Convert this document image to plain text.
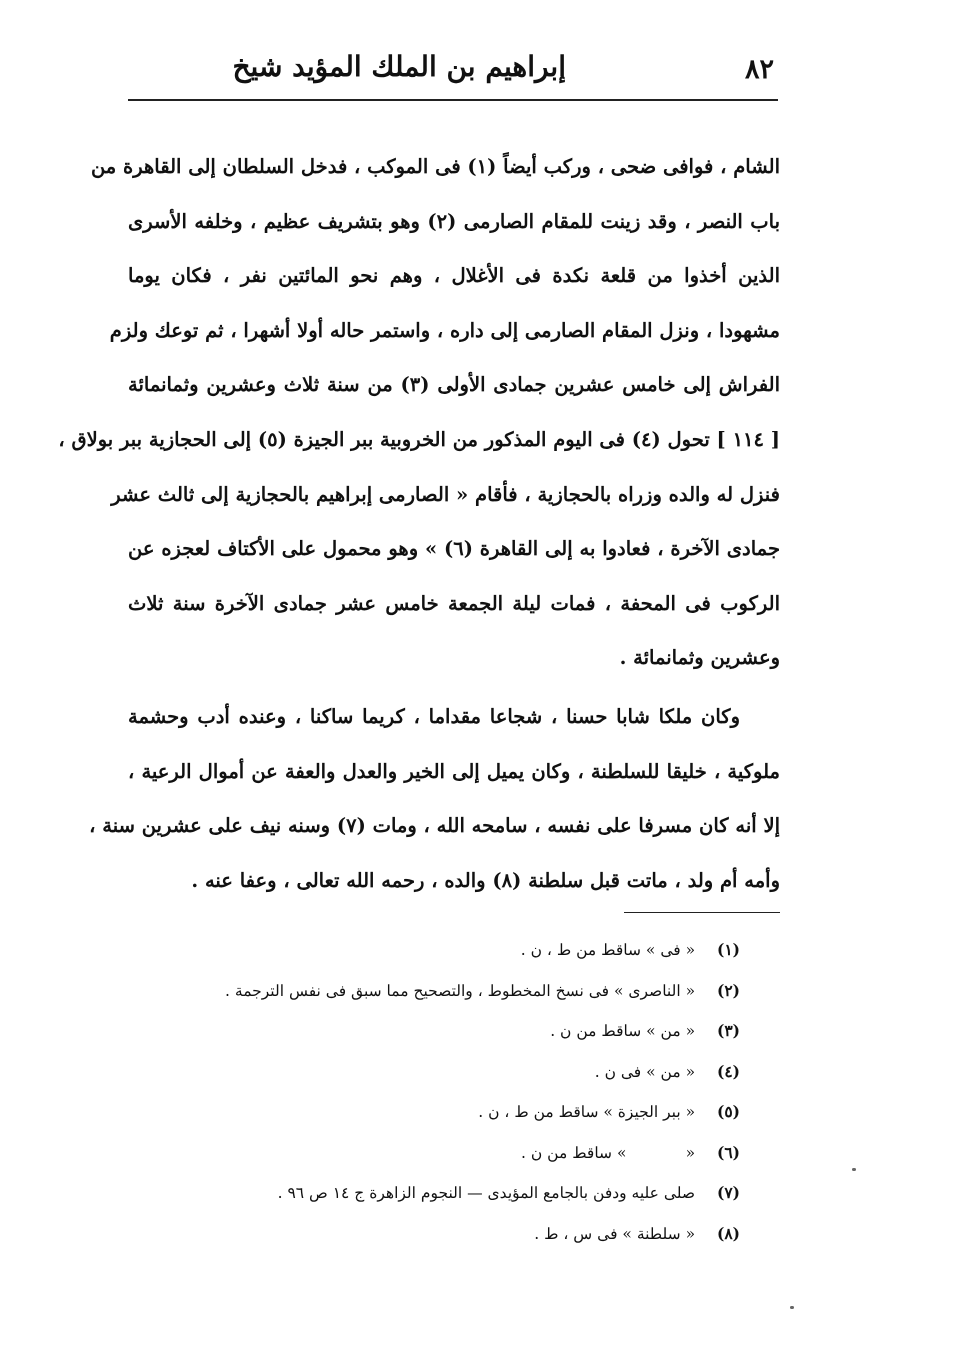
٨٢
إبراهيم بن الملك المؤيد شيخ
الشام ، فوافى ضحى ، وركب أيضاً (١) فى الموكب ، فدخل السلطان إلى القاهرة من
باب النصر ، وقد زينت للمقام الصارمى (٢) وهو بتشريف عظيم ، وخلفه الأسرى
الذين أخذوا من قلعة نكدة فى الأغلال ، وهم نحو المائتين نفر ، فكان يوما
مشهودا ، ونزل المقام الصارمى إلى داره ، واستمر حاله أولا أشهرا ، ثم توعك ولزم
الفراش إلى خامس عشرين جمادى الأولى (٣) من سنة ثلاث وعشرين وثمانمائة
[ ١١٤ ] تحول (٤) فى اليوم المذكور من الخروبية ببر الجيزة (٥) إلى الحجازية ببر بولاق ،
فنزل له والده وزراه بالحجازية ، فأقام « الصارمى إبراهيم بالحجازية إلى ثالث عشر
جمادى الآخرة ، فعادوا به إلى القاهرة (٦) » وهو محمول على الأكتاف لعجزه عن
الركوب فى المحفة ، فمات ليلة الجمعة خامس عشر جمادى الآخرة سنة ثلاث
وعشرين وثمانمائة .
وكان ملكا شابا حسنا ، شجاعا مقداما ، كريما ساكنا ، وعنده أدب وحشمة
ملوكية ، خليقا للسلطنة ، وكان يميل إلى الخير والعدل والعفة عن أموال الرعية ،
إلا أنه كان مسرفا على نفسه ، سامحه الله ، ومات (٧) وسنه نيف على عشرين سنة ،
وأمه أم ولد ، ماتت قبل سلطنة (٨) والده ، رحمه الله تعالى ، وعفا عنه .
(١) « فى » ساقط من ط ، ن .
(٢) « الناصرى » فى نسخ المخطوط ، والتصحيح مما سبق فى نفس الترجمة .
(٣) « من » ساقط من ن .
(٤) « من » فى ن .
(٥) « ببر الجيزة » ساقط من ط ، ن .
(٦) «            » ساقط من ن .
(٧) صلى عليه ودفن بالجامع المؤيدى — النجوم الزاهرة ج ١٤ ص ٩٦ .
(٨) « سلطنة » فى س ، ط .
